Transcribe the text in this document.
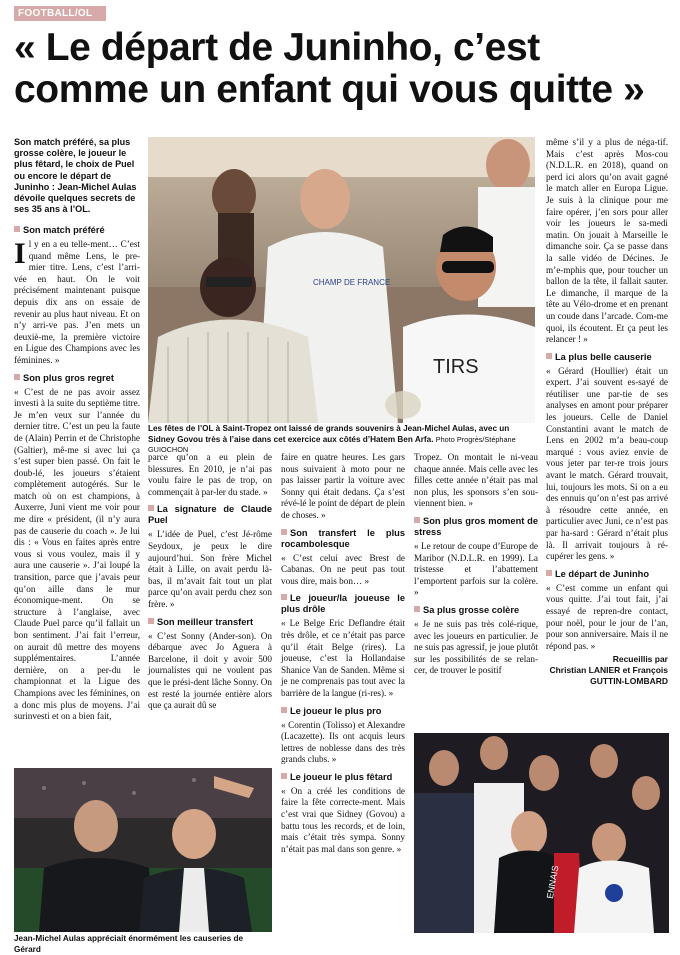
FOOTBALL/OL
« Le départ de Juninho, c’est
comme un enfant qui vous quitte »
Son match préféré, sa plus grosse colère, le joueur le plus fêtard, le choix de Puel ou encore le départ de Juninho : Jean-Michel Aulas dévoile quelques secrets de ses 35 ans à l’OL.
Son match préféré

Il y en a eu telle-ment… C’est quand même Lens, le pre-mier titre. Lens, c’est l’arri-vée en haut. On le voit précisément maintenant puisque depuis dix ans on essaie de revenir au plus haut niveau. Et on n’y arri-ve pas. J’en mets un deuxiè-me, la première victoire en Ligue des Champions avec les féminines. »

Son plus gros regret

« C’est de ne pas avoir assez investi à la suite du septième titre. Je m’en veux sur l’année du dernier titre. C’est un peu la faute de (Alain) Perrin et de Christophe (Galtier), mê-me si avec lui ça s’est super bien passé. On fait le doub-lé, les joueurs s’étaient complètement autogérés. Sur le match où on est champions, à Auxerre, Juni vient me voir pour me dire « président, (il n’y aura pas de causerie du coach ». Je lui dis : « Vous en faites après entre vous si vous voulez, mais il y aura une causerie ». J’ai loupé la transition, parce que j’avais peur qu’on aille dans le mur économique-ment. On se structure à l’anglaise, avec Claude Puel parce qu’il fallait un bon sentiment. J’ai fait l’erreur, on aurait dû mettre des moyens supplémentaires. L’année dernière, on a per-du le championnat et la Ligue des Champions avec les féminines, on a donc mis plus de moyens. J’ai surinvesti et on a bien fait,

CHAMP DE FRANCE
TIRS
Les fêtes de l’OL à Saint-Tropez ont laissé de grands souvenirs à Jean-Michel Aulas, avec un Sidney Govou très à l’aise dans cet exercice aux côtés d’Hatem Ben Arfa. Photo Progrès/Stéphane GUIOCHON

parce qu’on a eu plein de blessures. En 2010, je n’ai pas voulu faire le pas de trop, on commençait à par-ler du stade. »

La signature de Claude Puel

« L’idée de Puel, c’est Jé-rôme Seydoux, je peux le dire aujourd’hui. Son frère Michel était à Lille, on avait perdu là-bas, il m’avait fait tout un plat parce qu’on avait perdu chez son frère. »

Son meilleur transfert

« C’est Sonny (Ander-son). On débarque avec Jo Aguera à Barcelone, il doit y avoir 500 journalistes qui ne voulent pas que le prési-dent lâche Sonny. On est resté la journée entière alors que ça aurait dû se

faire en quatre heures. Les gars nous suivaient à moto pour ne pas laisser partir la voiture avec Sonny qui était dedans. Ça s’est révé-lé le point de départ de plein de choses. »

Son transfert le plus rocambolesque

« C’est celui avec Brest de Cabanas. On ne peut pas tout vous dire, mais bon… »

Le joueur/la joueuse le plus drôle

« Le Belge Eric Deflandre était très drôle, et ce n’était pas parce qu’il était Belge (rires). La joueuse, c’est la Hollandaise Shanice Van de Sanden. Même si je ne comprenais pas tout avec la barrière de la langue (ri-res). »

Le joueur le plus pro

« Corentin (Tolisso) et Alexandre (Lacazette). Ils ont acquis leurs lettres de noblesse dans des très grands clubs. »

Le joueur le plus fêtard

« On a créé les conditions de faire la fête correcte-ment. Mais c’est vrai que Sidney (Govou) a battu tous les records, et de loin, mais c’était très sympa. Sonny n’était pas mal dans son genre. »

Tropez. On montait le ni-veau chaque année. Mais celle avec les filles cette année n’était pas mal non plus, les sponsors s’en sou-viennent bien. »

Son plus gros moment de stress

« Le retour de coupe d’Europe de Maribor (N.D.L.R. en 1999). La tristesse et l’abattement l’emportent parfois sur la colère. »

Sa plus grosse colère

« Je ne suis pas très colé-rique, avec les joueurs en particulier. Je ne suis pas agressif, je joue plutôt sur les possibilités de se relan-cer, de trouver le positif

même s’il y a plus de néga-tif. Mais c’est après Mos-cou (N.D.L.R. en 2018), quand on perd ici alors qu’on avait gagné le match aller en Europa Ligue. Je suis à la clinique pour me faire opérer, j’en sors pour aller voir les joueurs le sa-medi matin. On jouait à Marseille le dimanche soir. Ça se passe dans la salle vidéo de Décines. Je m’e-mphis que, pour toucher un ballon de la tête, il fallait sauter. Le dimanche, il marque de la tête au Vélo-drome et en prenant un coude dans l’arcade. Com-me quoi, ils écoutent. Et ça peut les relancer ! »

La plus belle causerie

« Gérard (Houllier) était un expert. J’ai souvent es-sayé de réutiliser une par-tie de ses analyses en amont pour préparer les joueurs. Celle de Daniel Constantini avant le match de Lens en 2002 m’a beau-coup marqué : vous aviez envie de vous jeter par ter-re trois jours avant le match. Gérard trouvait, lui, toujours les mots. Si on a eu des ennuis qu’on n’est pas arrivé à résoudre cette année, en particulier avec Juni, ce n’est pas par ha-sard : Gérard n’était plus là. Il arrivait toujours à ré-cupérer les gens. »

Le départ de Juninho

« C’est comme un enfant qui vous quitte. J’ai tout fait, j’ai essayé de repren-dre contact, pour noël, pour le jour de l’an, pour son anniversaire. Mais il ne répond pas. »

Recueillis par
Christian LANIER et François GUTTIN-LOMBARD
Jean-Michel Aulas appréciait énormément les causeries de Gérard
ENNAIS
